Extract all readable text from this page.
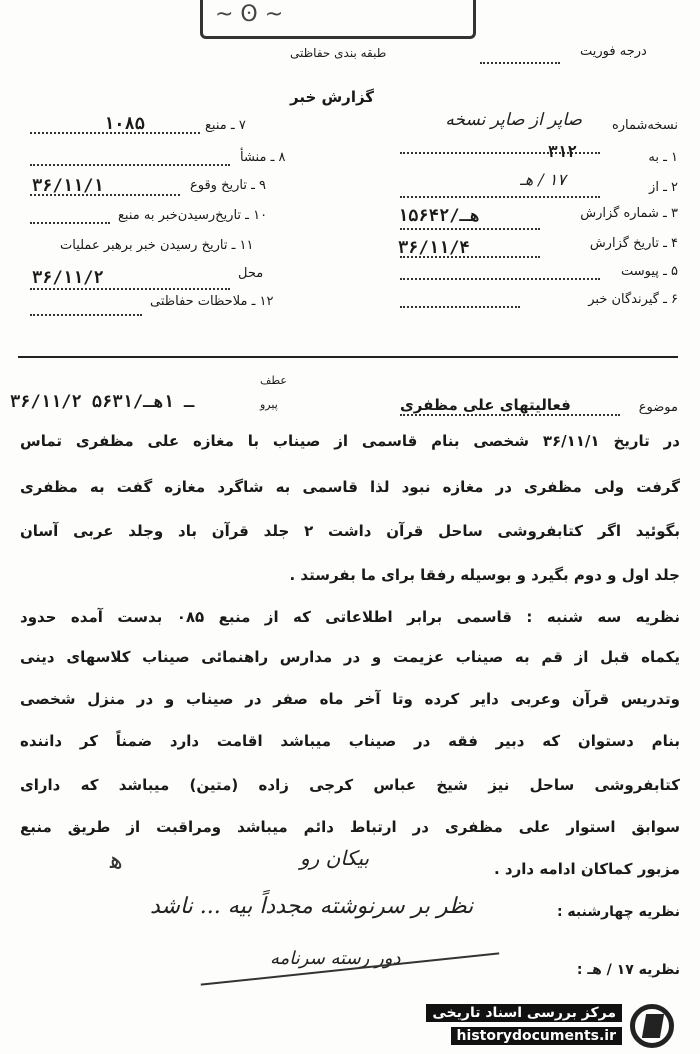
~ ʘ ~
طبقه بندی حفاظتی	درجه فوریت
گزارش خبر
نسخه‌شماره
صاپر از صاپر نسخه
۱ ـ به
۳۱۲
۲ ـ از
۱۷ / هـ
۳ ـ شماره گزارش
۱هـ/۵۶۴۲
۴ ـ تاریخ گزارش
۳۶/۱۱/۴
۵ ـ پیوست
۶ ـ گیرندگان خبر
۷ ـ منبع
۱۰۸۵
۸ ـ منشأ
۹ ـ تاریخ وقوع
۳۶/۱۱/۱
۱۰ ـ تاریخ‌رسیدن‌خبر به منبع
۱۱ ـ تاریخ رسیدن خبر برهبر عملیات
محل
۳۶/۱۱/۲
۱۲ ـ ملاحظات حفاظتی
موضوع
فعالیتهای علی مظفری
عطف
پیرو
۳۶/۱۱/۲ ـ ۱هـ/۵۶۳۱
در تاریخ ۳۶/۱۱/۱ شخصی بنام قاسمی از صیناب با مغازه علی مظفری تماس
گرفت ولی مظفری در مغازه نبود لذا قاسمی به شاگرد مغازه گفت به مظفری
بگوئید اگر کتابفروشی ساحل قرآن داشت ۲ جلد قرآن باد وجلد عربی آسان
جلد اول و دوم بگیرد و بوسیله رفقا برای ما بفرستد .
نظریه سه شنبه : قاسمی برابر اطلاعاتی که از منبع ۰۸۵ بدست آمده حدود
یکماه قبل از قم به صیناب عزیمت و در مدارس راهنمائی صیناب کلاسهای دینی
وتدریس قرآن وعربی دایر کرده وتا آخر ماه صفر در صیناب و در منزل شخصی
بنام دستوان که دبیر فقه در صیناب میباشد اقامت دارد ضمناً کر داننده
کتابفروشی ساحل نیز شیخ عباس کرجی زاده (متین) میباشد که دارای
سوابق استوار علی مظفری در ارتباط دائم میباشد ومراقبت از طریق منبع
مزبور کماکان ادامه دارد .
بیکان رو
ﻫ
نظریه چهارشنبه :
نظر بر سرنوشته مجدداً بیه ... ناشد
نظریه ۱۷ / هـ :
دور رسته سرنامه
مرکز بررسی اسناد تاریخی
historydocuments.ir
